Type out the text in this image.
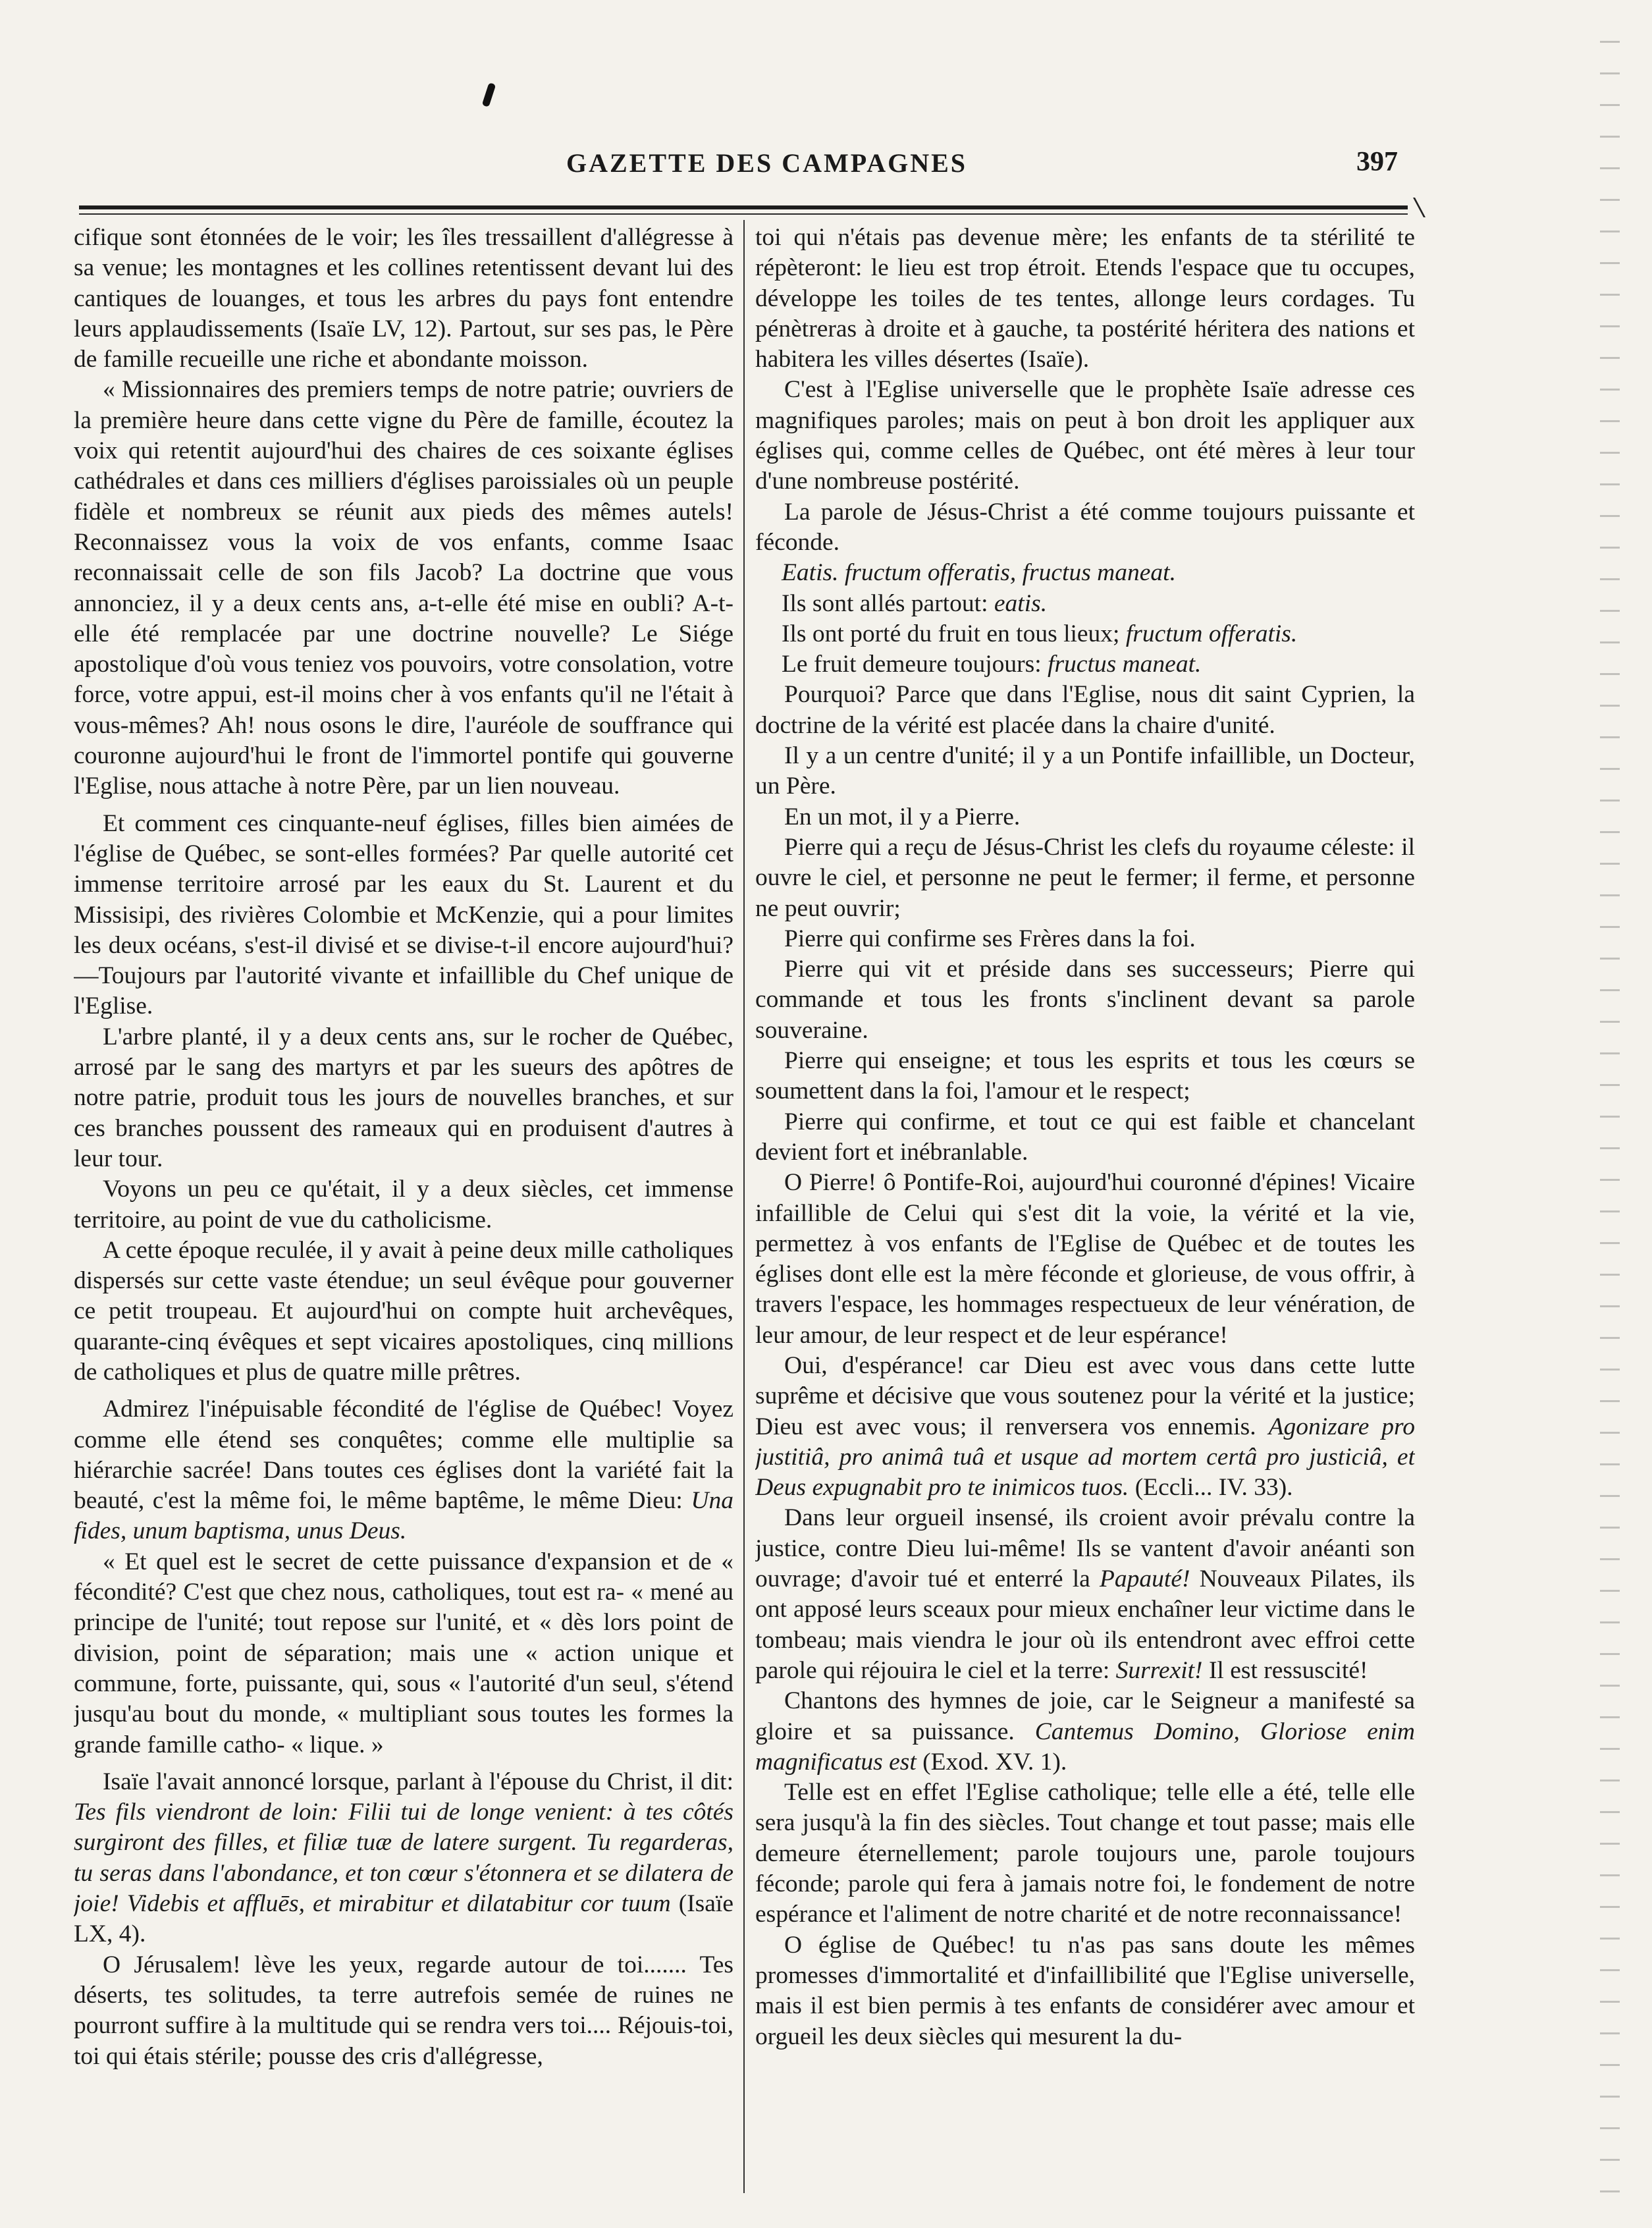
GAZETTE DES CAMPAGNES	397

cifique sont étonnées de le voir; les îles tressaillent d'allégresse à sa venue; les montagnes et les collines retentissent devant lui des cantiques de louanges, et tous les arbres du pays font entendre leurs applaudissements (Isaïe LV, 12). Partout, sur ses pas, le Père de famille recueille une riche et abondante moisson.

« Missionnaires des premiers temps de notre patrie; ouvriers de la première heure dans cette vigne du Père de famille, écoutez la voix qui retentit aujourd'hui des chaires de ces soixante églises cathédrales et dans ces milliers d'églises paroissiales où un peuple fidèle et nombreux se réunit aux pieds des mêmes autels! Reconnaissez vous la voix de vos enfants, comme Isaac reconnaissait celle de son fils Jacob? La doctrine que vous annonciez, il y a deux cents ans, a-t-elle été mise en oubli? A-t-elle été remplacée par une doctrine nouvelle? Le Siége apostolique d'où vous teniez vos pouvoirs, votre consolation, votre force, votre appui, est-il moins cher à vos enfants qu'il ne l'était à vous-mêmes? Ah! nous osons le dire, l'auréole de souffrance qui couronne aujourd'hui le front de l'immortel pontife qui gouverne l'Eglise, nous attache à notre Père, par un lien nouveau.

Et comment ces cinquante-neuf églises, filles bien aimées de l'église de Québec, se sont-elles formées? Par quelle autorité cet immense territoire arrosé par les eaux du St. Laurent et du Missisipi, des rivières Colombie et McKenzie, qui a pour limites les deux océans, s'est-il divisé et se divise-t-il encore aujourd'hui?—Toujours par l'autorité vivante et infaillible du Chef unique de l'Eglise.

L'arbre planté, il y a deux cents ans, sur le rocher de Québec, arrosé par le sang des martyrs et par les sueurs des apôtres de notre patrie, produit tous les jours de nouvelles branches, et sur ces branches poussent des rameaux qui en produisent d'autres à leur tour.

Voyons un peu ce qu'était, il y a deux siècles, cet immense territoire, au point de vue du catholicisme.

A cette époque reculée, il y avait à peine deux mille catholiques dispersés sur cette vaste étendue; un seul évêque pour gouverner ce petit troupeau. Et aujourd'hui on compte huit archevêques, quarante-cinq évêques et sept vicaires apostoliques, cinq millions de catholiques et plus de quatre mille prêtres.

Admirez l'inépuisable fécondité de l'église de Québec! Voyez comme elle étend ses conquêtes; comme elle multiplie sa hiérarchie sacrée! Dans toutes ces églises dont la variété fait la beauté, c'est la même foi, le même baptême, le même Dieu: Una fides, unum baptisma, unus Deus.

« Et quel est le secret de cette puissance d'expansion et de « fécondité? C'est que chez nous, catholiques, tout est ra- « mené au principe de l'unité; tout repose sur l'unité, et « dès lors point de division, point de séparation; mais une « action unique et commune, forte, puissante, qui, sous « l'autorité d'un seul, s'étend jusqu'au bout du monde, « multipliant sous toutes les formes la grande famille catho- « lique. »

Isaïe l'avait annoncé lorsque, parlant à l'épouse du Christ, il dit: Tes fils viendront de loin: Filii tui de longe venient: à tes côtés surgiront des filles, et filiæ tuæ de latere surgent. Tu regarderas, tu seras dans l'abondance, et ton cœur s'étonnera et se dilatera de joie! Videbis et affluēs, et mirabitur et dilatabitur cor tuum (Isaïe LX, 4).

O Jérusalem! lève les yeux, regarde autour de toi....... Tes déserts, tes solitudes, ta terre autrefois semée de ruines ne pourront suffire à la multitude qui se rendra vers toi.... Réjouis-toi, toi qui étais stérile; pousse des cris d'allégresse,

toi qui n'étais pas devenue mère; les enfants de ta stérilité te répèteront: le lieu est trop étroit. Etends l'espace que tu occupes, développe les toiles de tes tentes, allonge leurs cordages. Tu pénètreras à droite et à gauche, ta postérité héritera des nations et habitera les villes désertes (Isaïe).

C'est à l'Eglise universelle que le prophète Isaïe adresse ces magnifiques paroles; mais on peut à bon droit les appliquer aux églises qui, comme celles de Québec, ont été mères à leur tour d'une nombreuse postérité.

La parole de Jésus-Christ a été comme toujours puissante et féconde.

Eatis. fructum offeratis, fructus maneat.

Ils sont allés partout: eatis.

Ils ont porté du fruit en tous lieux; fructum offeratis.

Le fruit demeure toujours: fructus maneat.

Pourquoi? Parce que dans l'Eglise, nous dit saint Cyprien, la doctrine de la vérité est placée dans la chaire d'unité.

Il y a un centre d'unité; il y a un Pontife infaillible, un Docteur, un Père.

En un mot, il y a Pierre.

Pierre qui a reçu de Jésus-Christ les clefs du royaume céleste: il ouvre le ciel, et personne ne peut le fermer; il ferme, et personne ne peut ouvrir;

Pierre qui confirme ses Frères dans la foi.

Pierre qui vit et préside dans ses successeurs; Pierre qui commande et tous les fronts s'inclinent devant sa parole souveraine.

Pierre qui enseigne; et tous les esprits et tous les cœurs se soumettent dans la foi, l'amour et le respect;

Pierre qui confirme, et tout ce qui est faible et chancelant devient fort et inébranlable.

O Pierre! ô Pontife-Roi, aujourd'hui couronné d'épines! Vicaire infaillible de Celui qui s'est dit la voie, la vérité et la vie, permettez à vos enfants de l'Eglise de Québec et de toutes les églises dont elle est la mère féconde et glorieuse, de vous offrir, à travers l'espace, les hommages respectueux de leur vénération, de leur amour, de leur respect et de leur espérance!

Oui, d'espérance! car Dieu est avec vous dans cette lutte suprême et décisive que vous soutenez pour la vérité et la justice; Dieu est avec vous; il renversera vos ennemis. Agonizare pro justitiâ, pro animâ tuâ et usque ad mortem certâ pro justiciâ, et Deus expugnabit pro te inimicos tuos. (Eccli... IV. 33).

Dans leur orgueil insensé, ils croient avoir prévalu contre la justice, contre Dieu lui-même! Ils se vantent d'avoir anéanti son ouvrage; d'avoir tué et enterré la Papauté! Nouveaux Pilates, ils ont apposé leurs sceaux pour mieux enchaîner leur victime dans le tombeau; mais viendra le jour où ils entendront avec effroi cette parole qui réjouira le ciel et la terre: Surrexit! Il est ressuscité!

Chantons des hymnes de joie, car le Seigneur a manifesté sa gloire et sa puissance. Cantemus Domino, Gloriose enim magnificatus est (Exod. XV. 1).

Telle est en effet l'Eglise catholique; telle elle a été, telle elle sera jusqu'à la fin des siècles. Tout change et tout passe; mais elle demeure éternellement; parole toujours une, parole toujours féconde; parole qui fera à jamais notre foi, le fondement de notre espérance et l'aliment de notre charité et de notre reconnaissance!

O église de Québec! tu n'as pas sans doute les mêmes promesses d'immortalité et d'infaillibilité que l'Eglise universelle, mais il est bien permis à tes enfants de considérer avec amour et orgueil les deux siècles qui mesurent la du-
